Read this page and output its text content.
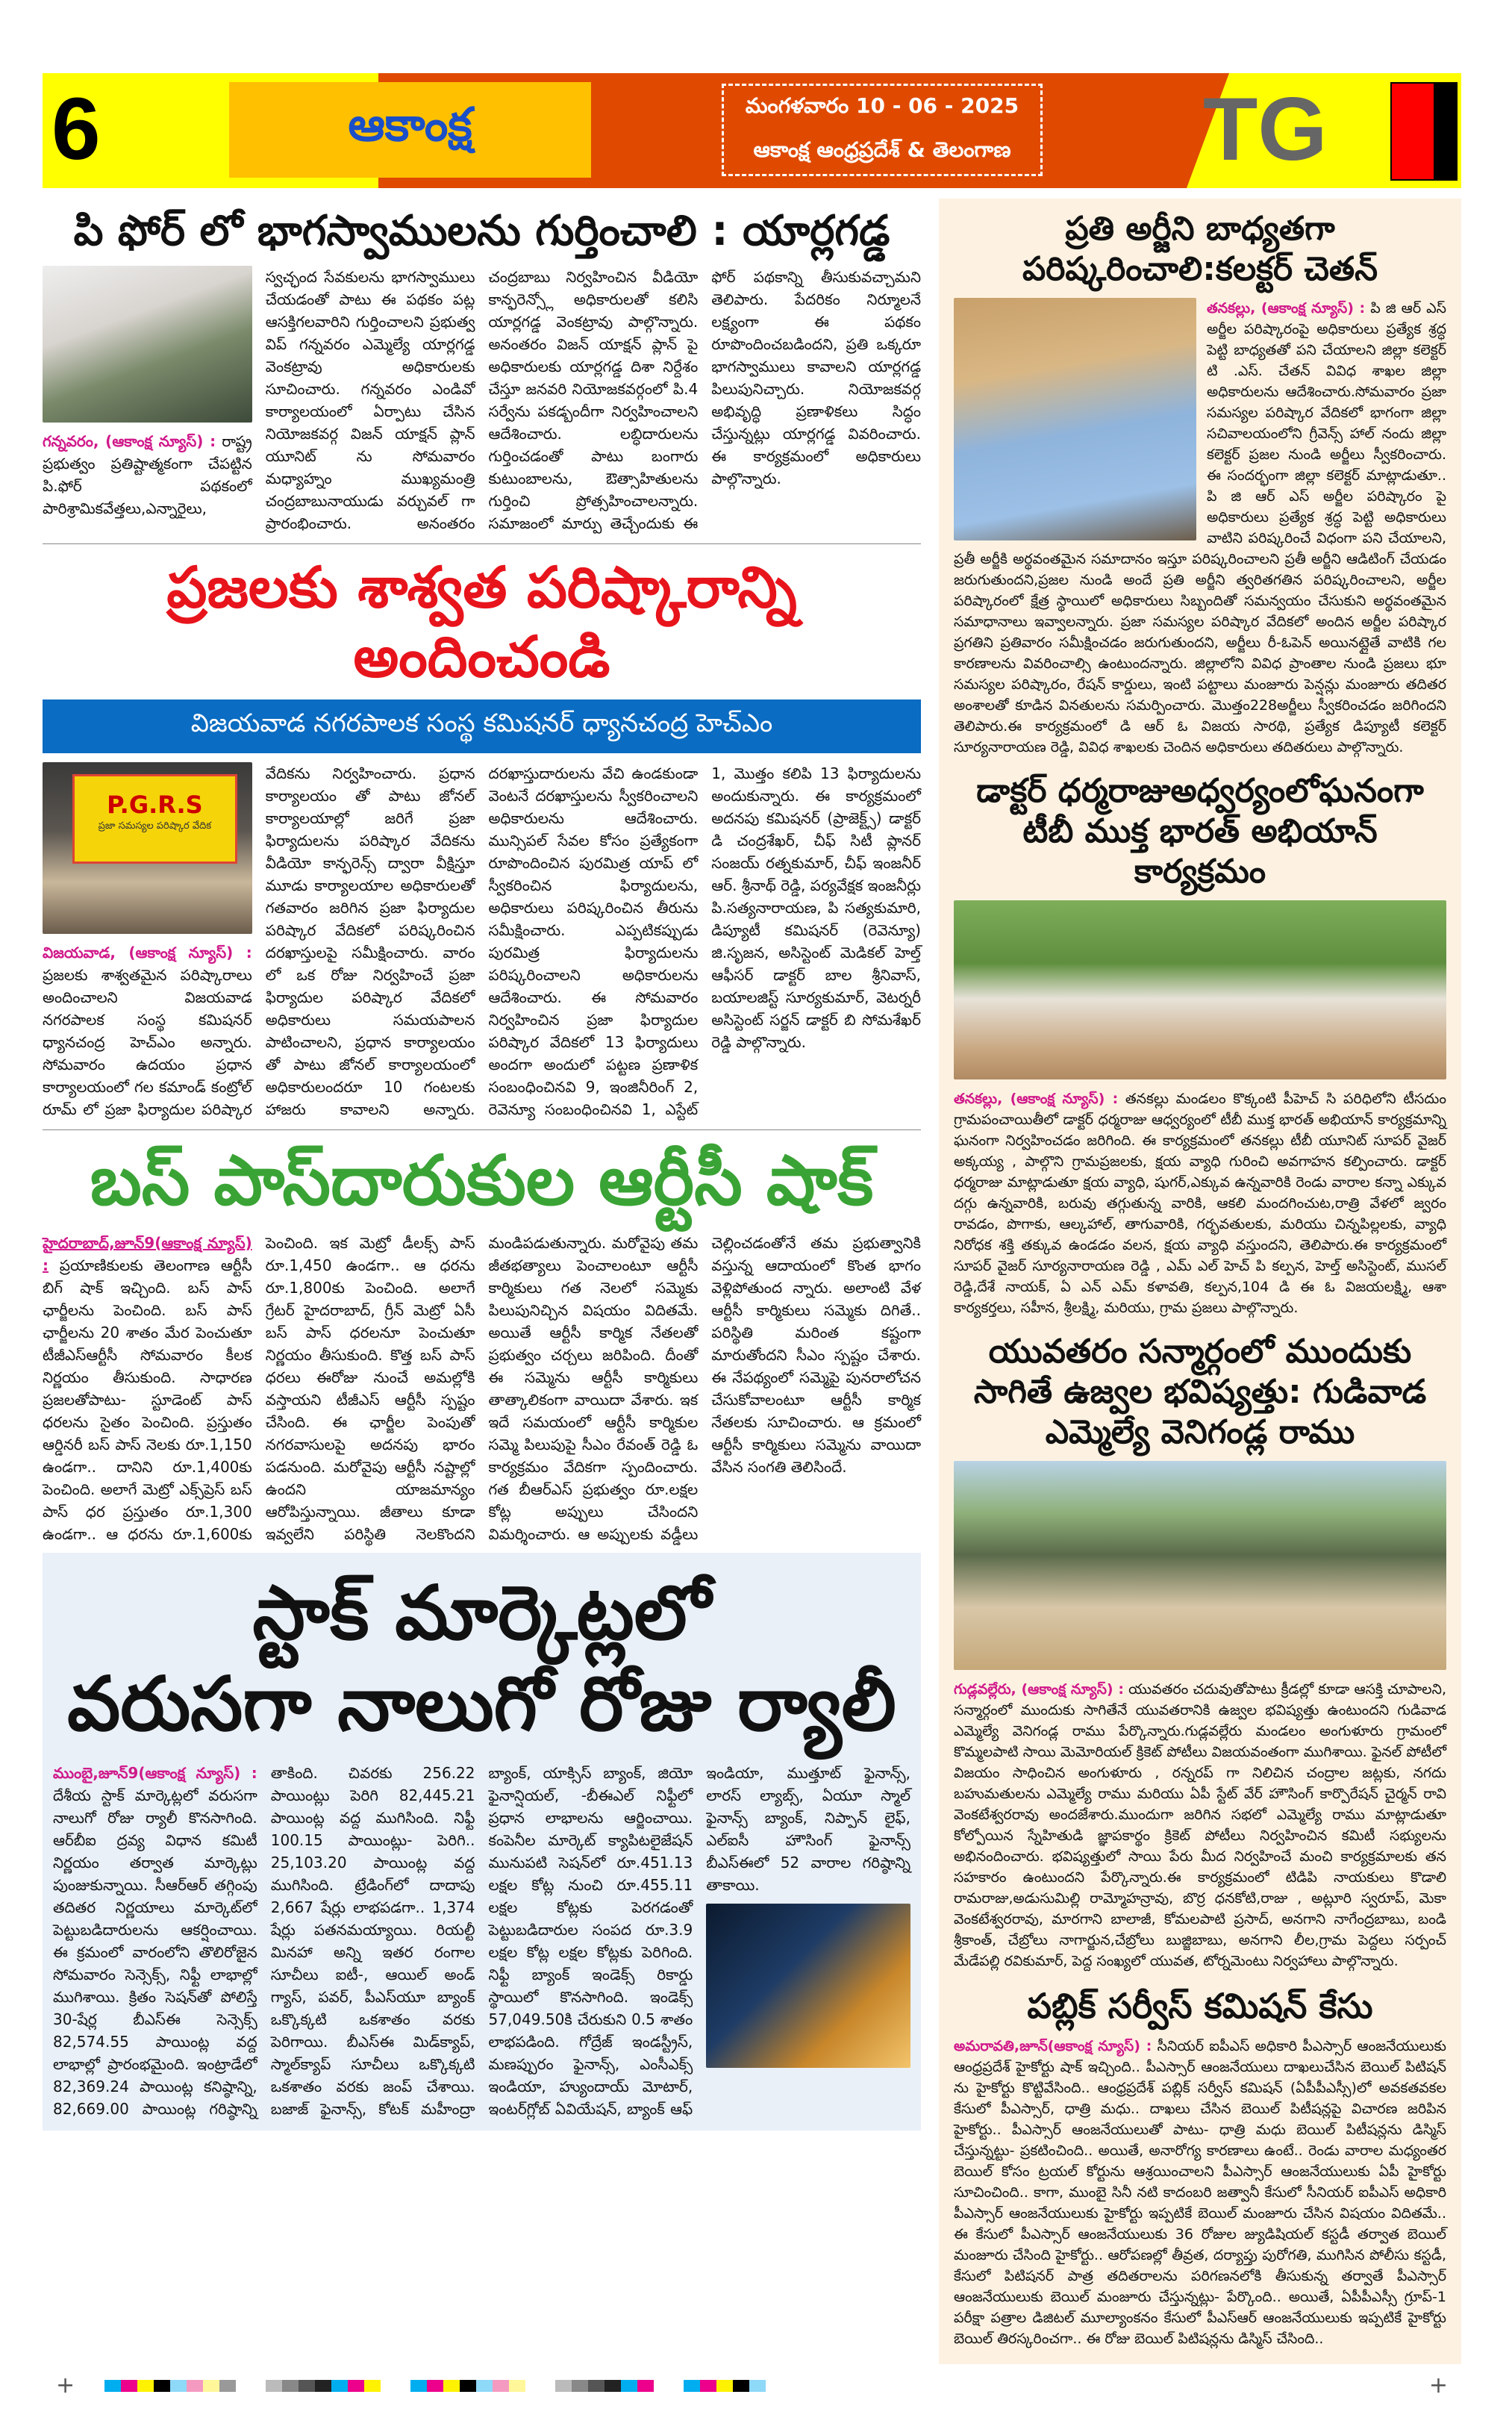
6	ఆకాంక్ష	మంగళవారం 10 - 06 - 2025
ఆకాంక్ష ఆంధ్రప్రదేశ్ & తెలంగాణ TG
పి ఫోర్ లో భాగస్వాములను గుర్తించాలి : యార్లగడ్డ
గన్నవరం, (ఆకాంక్ష న్యూస్) : రాష్ట్ర ప్రభుత్వం ప్రతిష్టాత్మకంగా చేపట్టిన పి.ఫోర్ పథకంలో పారిశ్రామికవేత్తలు,ఎన్నారైలు, స్వచ్ఛంద సేవకులను భాగస్వాములు చేయడంతో పాటు ఈ పథకం పట్ల ఆసక్తిగలవారిని గుర్తించాలని ప్రభుత్వ విప్ గన్నవరం ఎమ్మెల్యే యార్లగడ్డ వెంకట్రావు అధికారులకు సూచించారు. గన్నవరం ఎండివో కార్యాలయంలో ఏర్పాటు చేసిన నియోజకవర్గ విజన్ యాక్షన్ ప్లాన్ యూనిట్ ను సోమవారం మధ్యాహ్నం ముఖ్యమంత్రి చంద్రబాబునాయుడు వర్చువల్ గా ప్రారంభించారు. అనంతరం చంద్రబాబు నిర్వహించిన వీడియో కాన్ఫరెన్స్లో అధికారులతో కలిసి యార్లగడ్డ వెంకట్రావు పాల్గొన్నారు. అనంతరం విజన్ యాక్షన్ ప్లాన్ పై అధికారులకు యార్లగడ్డ దిశా నిర్దేశం చేస్తూ జనవరి నియోజకవర్గంలో పి.4 సర్వేను పకడ్బందీగా నిర్వహించాలని ఆదేశించారు. లబ్ధిదారులను గుర్తించడంతో పాటు బంగారు కుటుంబాలను, ఔత్సాహితులను గుర్తించి ప్రోత్సహించాలన్నారు. సమాజంలో మార్పు తెచ్చేందుకు ఈ ఫోర్ పథకాన్ని తీసుకువచ్చామని తెలిపారు. పేదరికం నిర్మూలనే లక్ష్యంగా ఈ పథకం రూపొందించబడిందని, ప్రతి ఒక్కరూ భాగస్వాములు కావాలని యార్లగడ్డ పిలుపునిచ్చారు. నియోజకవర్గ అభివృద్ధి ప్రణాళికలు సిద్ధం చేస్తున్నట్లు యార్లగడ్డ వివరించారు. ఈ కార్యక్రమంలో అధికారులు పాల్గొన్నారు.
ప్రజలకు శాశ్వత పరిష్కారాన్ని అందించండి
విజయవాడ నగరపాలక సంస్థ కమిషనర్ ధ్యానచంద్ర హెచ్ఎం
P.G.R.S
ప్రజా సమస్యల పరిష్కార వేదిక
విజయవాడ, (ఆకాంక్ష న్యూస్) : ప్రజలకు శాశ్వతమైన పరిష్కారాలు అందించాలని విజయవాడ నగరపాలక సంస్థ కమిషనర్ ధ్యానచంద్ర హెచ్ఎం అన్నారు. సోమవారం ఉదయం ప్రధాన కార్యాలయంలో గల కమాండ్ కంట్రోల్ రూమ్ లో ప్రజా ఫిర్యాదుల పరిష్కార వేదికను నిర్వహించారు. ప్రధాన కార్యాలయం తో పాటు జోనల్ కార్యాలయాల్లో జరిగే ప్రజా ఫిర్యాదులను పరిష్కార వేదికను వీడియో కాన్ఫరెన్స్ ద్వారా వీక్షిస్తూ మూడు కార్యాలయాల అధికారులతో గతవారం జరిగిన ప్రజా ఫిర్యాదుల పరిష్కార వేదికలో పరిష్కరించిన దరఖాస్తులపై సమీక్షించారు. వారం లో ఒక రోజు నిర్వహించే ప్రజా ఫిర్యాదుల పరిష్కార వేదికలో అధికారులు సమయపాలన పాటించాలని, ప్రధాన కార్యాలయం తో పాటు జోనల్ కార్యాలయంలో అధికారులందరూ 10 గంటలకు హాజరు కావాలని అన్నారు. దరఖాస్తుదారులను వేచి ఉండకుండా వెంటనే దరఖాస్తులను స్వీకరించాలని అధికారులను ఆదేశించారు. మున్సిపల్ సేవల కోసం ప్రత్యేకంగా రూపొందించిన పురమిత్ర యాప్ లో స్వీకరించిన ఫిర్యాదులను, అధికారులు పరిష్కరించిన తీరును సమీక్షించారు. ఎప్పటికప్పుడు పురమిత్ర ఫిర్యాదులను పరిష్కరించాలని అధికారులను ఆదేశించారు. ఈ సోమవారం నిర్వహించిన ప్రజా ఫిర్యాదుల పరిష్కార వేదికలో 13 ఫిర్యాదులు అందగా అందులో పట్టణ ప్రణాళిక సంబంధించినవి 9, ఇంజినీరింగ్ 2, రెవెన్యూ సంబంధించినవి 1, ఎస్టేట్ 1, మొత్తం కలిపి 13 ఫిర్యాదులను అందుకున్నారు. ఈ కార్యక్రమంలో అదనపు కమిషనర్ (ప్రాజెక్ట్స్) డాక్టర్ డి చంద్రశేఖర్, చీఫ్ సిటీ ప్లానర్ సంజయ్ రత్నకుమార్, చీఫ్ ఇంజనీర్ ఆర్. శ్రీనాథ్ రెడ్డి, పర్యవేక్షక ఇంజనీర్లు పి.సత్యనారాయణ, పి సత్యకుమారి, డిప్యూటీ కమిషనర్ (రెవెన్యూ) జి.సృజన, అసిస్టెంట్ మెడికల్ హెల్త్ ఆఫీసర్ డాక్టర్ బాల శ్రీనివాస్, బయాలజిస్ట్ సూర్యకుమార్, వెటర్నరీ అసిస్టెంట్ సర్జన్ డాక్టర్ బి సోమశేఖర్ రెడ్డి పాల్గొన్నారు.
బస్ పాస్‌దారుకుల ఆర్టీసీ షాక్
హైదరాబాద్,జూన్9(ఆకాంక్ష న్యూస్) : ప్రయాణికులకు తెలంగాణ ఆర్టీసీ బిగ్ షాక్ ఇచ్చింది. బస్ పాస్ ఛార్జీలను పెంచింది. బస్ పాస్ ఛార్జీలను 20 శాతం మేర పెంచుతూ టీజీఎస్ఆర్టీసీ సోమవారం కీలక నిర్ణయం తీసుకుంది. సాధారణ ప్రజలతోపాటు- స్టూడెంట్ పాస్ ధరలను సైతం పెంచింది. ప్రస్తుతం ఆర్డినరీ బస్ పాస్ నెలకు రూ.1,150 ఉండగా.. దానిని రూ.1,400కు పెంచింది. అలాగే మెట్రో ఎక్స్‌ప్రెస్ బస్ పాస్ ధర ప్రస్తుతం రూ.1,300 ఉండగా.. ఆ ధరను రూ.1,600కు పెంచింది. ఇక మెట్రో డీలక్స్ పాస్ రూ.1,450 ఉండగా.. ఆ ధరను రూ.1,800కు పెంచింది. అలాగే గ్రేటర్ హైదరాబాద్, గ్రీన్ మెట్రో ఏసీ బస్ పాస్ ధరలనూ పెంచుతూ నిర్ణయం తీసుకుంది. కొత్త బస్ పాస్ ధరలు ఈరోజు నుంచే అమల్లోకి వస్తాయని టీజీఎస్ ఆర్టీసీ స్పష్టం చేసింది. ఈ ఛార్జీల పెంపుతో నగరవాసులపై అదనపు భారం పడనుంది. మరోవైపు ఆర్టీసీ నష్టాల్లో ఉందని యాజమాన్యం ఆరోపిస్తున్నాయి. జీతాలు కూడా ఇవ్వలేని పరిస్థితి నెలకొందని మండిపడుతున్నారు. మరోవైపు తమ జీతభత్యాలు పెంచాలంటూ ఆర్టీసీ కార్మికులు గత నెలలో సమ్మెకు పిలుపునిచ్చిన విషయం విదితమే. అయితే ఆర్టీసీ కార్మిక నేతలతో ప్రభుత్వం చర్చలు జరిపింది. దీంతో ఈ సమ్మెను ఆర్టీసీ కార్మికులు తాత్కాలికంగా వాయిదా వేశారు. ఇక ఇదే సమయంలో ఆర్టీసీ కార్మికుల సమ్మె పిలుపుపై సీఎం రేవంత్ రెడ్డి ఓ కార్యక్రమం వేదికగా స్పందించారు. గత బీఆర్ఎస్ ప్రభుత్వం రూ.లక్షల కోట్ల అప్పులు చేసిందని విమర్శించారు. ఆ అప్పులకు వడ్డీలు చెల్లించడంతోనే తమ ప్రభుత్వానికి వస్తున్న ఆదాయంలో కొంత భాగం వెళ్లిపోతుంద న్నారు. అలాంటి వేళ ఆర్టీసీ కార్మికులు సమ్మెకు దిగితే.. పరిస్థితి మరింత కష్టంగా మారుతోందని సీఎం స్పష్టం చేశారు. ఈ నేపథ్యంలో సమ్మెపై పునరాలోచన చేసుకోవాలంటూ ఆర్టీసీ కార్మిక నేతలకు సూచించారు. ఆ క్రమంలో ఆర్టీసీ కార్మికులు సమ్మెను వాయిదా వేసిన సంగతి తెలిసిందే.
స్టాక్ మార్కెట్లలో
వరుసగా నాలుగో రోజు ర్యాలీ
ముంబై,జూన్9(ఆకాంక్ష న్యూస్) : దేశీయ స్టాక్ మార్కెట్లలో వరుసగా నాలుగో రోజు ర్యాలీ కొనసాగింది. ఆర్‌బీఐ ద్రవ్య విధాన కమిటీ నిర్ణయం తర్వాత మార్కెట్లు పుంజుకున్నాయి. సీఆర్ఆర్ తగ్గింపు తదితర నిర్ణయాలు మార్కెట్‌లో పెట్టుబడిదారులను ఆకర్షించాయి. ఈ క్రమంలో వారంలోని తొలిరోజైన సోమవారం సెన్సెక్స్, నిఫ్టీ లాభాల్లో ముగిశాయి. క్రితం సెషన్‌తో పోలిస్తే 30-షేర్ల బీఎస్ఈ సెన్సెక్స్ 82,574.55 పాయింట్ల వద్ద లాభాల్లో ప్రారంభమైంది. ఇంట్రాడేలో 82,369.24 పాయింట్ల కనిష్ఠాన్ని, 82,669.00 పాయింట్ల గరిష్ఠాన్ని తాకింది. చివరకు 256.22 పాయింట్లు పెరిగి 82,445.21 పాయింట్ల వద్ద ముగిసింది. నిఫ్టీ 100.15 పాయింట్లు- పెరిగి.. 25,103.20 పాయింట్ల వద్ద ముగిసింది. ట్రేడింగ్‌లో దాదాపు 2,667 షేర్లు లాభపడగా.. 1,374 షేర్లు పతనమయ్యాయి. రియల్టీ మినహా అన్ని ఇతర రంగాల సూచీలు ఐటీ-, ఆయిల్ అండ్ గ్యాస్, పవర్, పీఎస్‌యూ బ్యాంక్ ఒక్కొక్కటి ఒకశాతం వరకు పెరిగాయి. బీఎస్ఈ మిడ్‌క్యాప్, స్మాల్‌క్యాప్ సూచీలు ఒక్కొక్కటి ఒకశాతం వరకు జంప్ చేశాయి. బజాజ్ ఫైనాన్స్, కోటక్ మహీంద్రా బ్యాంక్, యాక్సిస్ బ్యాంక్, జియో ఫైనాన్షియల్, -బీఈఎల్ నిఫ్టీలో ప్రధాన లాభాలను ఆర్జించాయి. కంపెనీల మార్కెట్ క్యాపిటలైజేషన్ మునుపటి సెషన్‌లో రూ.451.13 లక్షల కోట్ల నుంచి రూ.455.11 లక్షల కోట్లకు పెరగడంతో పెట్టుబడిదారుల సంపద రూ.3.9 లక్షల కోట్ల లక్షల కోట్లకు పెరిగింది. నిఫ్టీ బ్యాంక్ ఇండెక్స్ రికార్డు స్థాయిలో కొనసాగింది. ఇండెక్స్ 57,049.50కి చేరుకుని 0.5 శాతం లాభపడింది. గోద్రేజ్ ఇండస్ట్రీస్, మణప్పురం ఫైనాన్స్, ఎంసీఎక్స్ ఇండియా, హ్యుందాయ్ మోటార్, ఇంటర్‌గ్లోబ్ ఏవియేషన్, బ్యాంక్ ఆఫ్ ఇండియా, ముత్తూట్ ఫైనాన్స్, లారస్ ల్యాబ్స్, ఏయూ స్మాల్ ఫైనాన్స్ బ్యాంక్, నిప్పాన్ లైఫ్, ఎల్ఐసీ హౌసింగ్ ఫైనాన్స్ బీఎస్ఈలో 52 వారాల గరిష్ఠాన్ని తాకాయి.
ప్రతి అర్జీని బాధ్యతగా పరిష్కరించాలి:కలక్టర్ చెతన్
తనకల్లు, (ఆకాంక్ష న్యూస్) : పి జి ఆర్ ఎస్ అర్జీల పరిష్కారంపై అధికారులు ప్రత్యేక శ్రద్ధ పెట్టి బాధ్యతతో పని చేయాలని జిల్లా కలెక్టర్ టి .ఎస్. చేతన్ వివిధ శాఖల జిల్లా అధికారులను ఆదేశించారు.సోమవారం ప్రజా సమస్యల పరిష్కార వేదికలో భాగంగా జిల్లా సచివాలయంలోని గ్రీవెన్స్ హాల్ నందు జిల్లా కలెక్టర్ ప్రజల నుండి అర్జీలు స్వీకరించారు. ఈ సందర్భంగా జిల్లా కలెక్టర్ మాట్లాడుతూ.. పి జి ఆర్ ఎస్ అర్జీల పరిష్కారం పై అధికారులు ప్రత్యేక శ్రద్ధ పెట్టి అధికారులు వాటిని పరిష్కరించే విధంగా పని చేయాలని, ప్రతీ అర్జీకి అర్థవంతమైన సమాదానం ఇస్తూ పరిష్కరించాలని ప్రతీ అర్జీని ఆడిటింగ్ చేయడం జరుగుతుందని,ప్రజల నుండి అందే ప్రతి అర్జీని త్వరితగతిన పరిష్కరించాలని, అర్జీల పరిష్కారంలో క్షేత్ర స్థాయిలో అధికారులు సిబ్బందితో సమన్వయం చేసుకుని అర్థవంతమైన సమాధానాలు ఇవ్వాలన్నారు. ప్రజా సమస్యల పరిష్కార వేదికలో అందిన అర్జీల పరిష్కార ప్రగతిని ప్రతివారం సమీక్షించడం జరుగుతుందని, అర్జీలు రీ-ఓపెన్ అయినట్లైతే వాటికి గల కారణాలను వివరించాల్సి ఉంటుందన్నారు. జిల్లాలోని వివిధ ప్రాంతాల నుండి ప్రజలు భూ సమస్యల పరిష్కారం, రేషన్ కార్డులు, ఇంటి పట్టాలు మంజూరు పెన్షన్లు మంజూరు తదితర అంశాలతో కూడిన వినతులను సమర్పించారు. మొత్తం228అర్జీలు స్వీకరించడం జరిగిందని తెలిపారు.ఈ కార్యక్రమంలో డి ఆర్ ఓ విజయ సారథి, ప్రత్యేక డిప్యూటీ కలెక్టర్ సూర్యనారాయణ రెడ్డి, వివిధ శాఖలకు చెందిన అధికారులు తదితరులు పాల్గొన్నారు.
డాక్టర్ ధర్మరాజుఅధ్వర్యంలోఘనంగా టీబీ ముక్త భారత్ అభియాన్ కార్యక్రమం
తనకల్లు, (ఆకాంక్ష న్యూస్) : తనకల్లు మండలం కొక్కంటి పీహెచ్ సి పరిధిలోని టీసదుం గ్రామపంచాయితీలో డాక్టర్ ధర్మరాజు ఆధ్వర్యంలో టీబీ ముక్త భారత్ అభియాన్ కార్యక్రమాన్ని ఘనంగా నిర్వహించడం జరిగింది. ఈ కార్యక్రమంలో తనకల్లు టీబీ యూనిట్ సూపర్ వైజర్ అక్కయ్య , పాల్గొని గ్రామప్రజలకు, క్షయ వ్యాధి గురించి అవగాహన కల్పించారు. డాక్టర్ ధర్మరాజు మాట్లాడుతూ క్షయ వ్యాధి, షుగర్,ఎక్కువ ఉన్నవారికి రెండు వారాల కన్నా ఎక్కువ దగ్గు ఉన్నవారికి, బరువు తగ్గుతున్న వారికి, ఆకలి మందగించుట,రాత్రి వేళలో జ్వరం రావడం, పొగాకు, ఆల్కహాల్, తాగువారికి, గర్భవతులకు, మరియు చిన్నపిల్లలకు, వ్యాధి నిరోధక శక్తి తక్కువ ఉండడం వలన, క్షయ వ్యాధి వస్తుందని, తెలిపారు.ఈ కార్యక్రమంలో సూపర్ వైజర్ సూర్యనారాయణ రెడ్డి , ఎమ్ ఎల్ హెచ్ పి కల్పన, హెల్త్ అసిస్టెంట్, ముసల్ రెడ్డి,దేశే నాయక్, ఏ ఎన్ ఎమ్ కళావతి, కల్పన,104 డి ఈ ఓ విజయలక్ష్మి, ఆశా కార్యకర్తలు, సహీన, శ్రీలక్ష్మి, మరియు, గ్రామ ప్రజలు పాల్గొన్నారు.
యువతరం సన్మార్గంలో ముందుకు సాగితే ఉజ్వల భవిష్యత్తు: గుడివాడ ఎమ్మెల్యే వెనిగండ్ల రాము
గుడ్లవల్లేరు, (ఆకాంక్ష న్యూస్) : యువతరం చదువుతోపాటు క్రీడల్లో కూడా ఆసక్తి చూపాలని, సన్మార్గంలో ముందుకు సాగితేనే యువతరానికి ఉజ్వల భవిష్యత్తు ఉంటుందని గుడివాడ ఎమ్మెల్యే వెనిగండ్ల రాము పేర్కొన్నారు.గుడ్లవల్లేరు మండలం అంగుళూరు గ్రామంలో కొమ్మలపాటి సాయి మెమోరియల్ క్రికెట్ పోటీలు విజయవంతంగా ముగిశాయి. ఫైనల్ పోటీలో విజయం సాధించిన అంగుళూరు , రన్నరప్ గా నిలిచిన చంద్రాల జట్లకు, నగదు బహుమతులను ఎమ్మెల్యే రాము మరియు ఏపీ స్టేట్ వేర్ హౌసింగ్ కార్పొరేషన్ చైర్మన్ రావి వెంకటేశ్వరరావు అందజేశారు.ముందుగా జరిగిన సభలో ఎమ్మెల్యే రాము మాట్లాడుతూ కోల్పోయిన స్నేహితుడి జ్ఞాపకార్థం క్రికెట్ పోటీలు నిర్వహించిన కమిటీ సభ్యులను అభినందించారు. భవిష్యత్తులో సాయి పేరు మీద నిర్వహించే మంచి కార్యక్రమాలకు తన సహకారం ఉంటుందని పేర్కొన్నారు.ఈ కార్యక్రమంలో టిడిపి నాయకులు కొడాలి రామరాజు,అడుసుమిల్లి రామ్మోహన్రావు, బొర్ర ధనకోటి,రాజు , అట్లూరి స్వరూప్, మెకా వెంకటేశ్వరరావు, మారగాని బాలాజీ, కోమలపాటి ప్రసాద్, అనగాని నాగేంద్రబాబు, బండి శ్రీకాంత్, చేబ్రోలు నాగార్జున,చేబ్రోలు బుజ్జిబాబు, అనగాని లీల,గ్రామ పెద్దలు సర్పంచ్ మేడేపల్లి రవికుమార్, పెద్ద సంఖ్యలో యువత, టోర్నమెంటు నిర్వహాలు పాల్గొన్నారు.
పబ్లిక్ సర్వీస్ కమిషన్ కేసు
అమరావతి,జూన్(ఆకాంక్ష న్యూస్) : సీనియర్ ఐపీఎస్ అధికారి పీఎస్సార్ ఆంజనేయులుకు ఆంధ్రప్రదేశ్ హైకోర్టు షాక్ ఇచ్చింది.. పీఎస్సార్ ఆంజనేయులు దాఖలుచేసిన బెయిల్ పిటిషన్ ను హైకోర్టు కొట్టివేసింది.. ఆంధ్రప్రదేశ్ పబ్లిక్ సర్వీస్ కమిషన్ (ఏపీపీఎస్సీ)లో అవకతవకల కేసులో పీఎస్సార్, ధాత్రి మధు.. దాఖలు చేసిన బెయిల్ పిటీషన్లపై విచారణ జరిపిన హైకోర్టు.. పీఎస్సార్ ఆంజనేయులుతో పాటు- ధాత్రి మధు బెయిల్ పిటీషన్లను డిస్మిస్ చేస్తున్నట్టు- ప్రకటించింది.. అయితే, అనారోగ్య కారణాలు ఉంటే.. రెండు వారాల మధ్యంతర బెయిల్ కోసం ట్రయల్ కోర్టును ఆశ్రయించాలని పీఎస్సార్ ఆంజనేయులుకు ఏపీ హైకోర్టు సూచించింది.. కాగా, ముంబై సినీ నటి కాదంబరి జత్వానీ కేసులో సీనియర్ ఐపీఎస్ అధికారి పీఎస్సార్ ఆంజనేయులుకు హైకోర్టు ఇప్పటికే బెయిల్ మంజూరు చేసిన విషయం విదితమే.. ఈ కేసులో పీఎస్సార్ ఆంజనేయులుకు 36 రోజుల జ్యుడిషియల్ కస్టడీ తర్వాత బెయిల్ మంజూరు చేసింది హైకోర్టు.. ఆరోపణల్లో తీవ్రత, దర్యాప్తు పురోగతి, ముగిసిన పోలీసు కస్టడీ, కేసులో పిటిషనర్ పాత్ర తదితరాలను పరిగణనలోకి తీసుకున్న తర్వాతే పీఎస్సార్ ఆంజనేయులుకు బెయిల్ మంజూరు చేస్తున్నట్లు- పేర్కొంది.. అయితే, ఏపీపీఎస్సీ గ్రూప్-1 పరీక్షా పత్రాల డిజిటల్ మూల్యాంకనం కేసులో పీఎస్ఆర్ ఆంజనేయులుకు ఇప్పటికే హైకోర్టు బెయిల్ తిరస్కరించగా.. ఈ రోజు బెయిల్ పిటిషన్లను డిస్మిస్ చేసింది..
+	+
